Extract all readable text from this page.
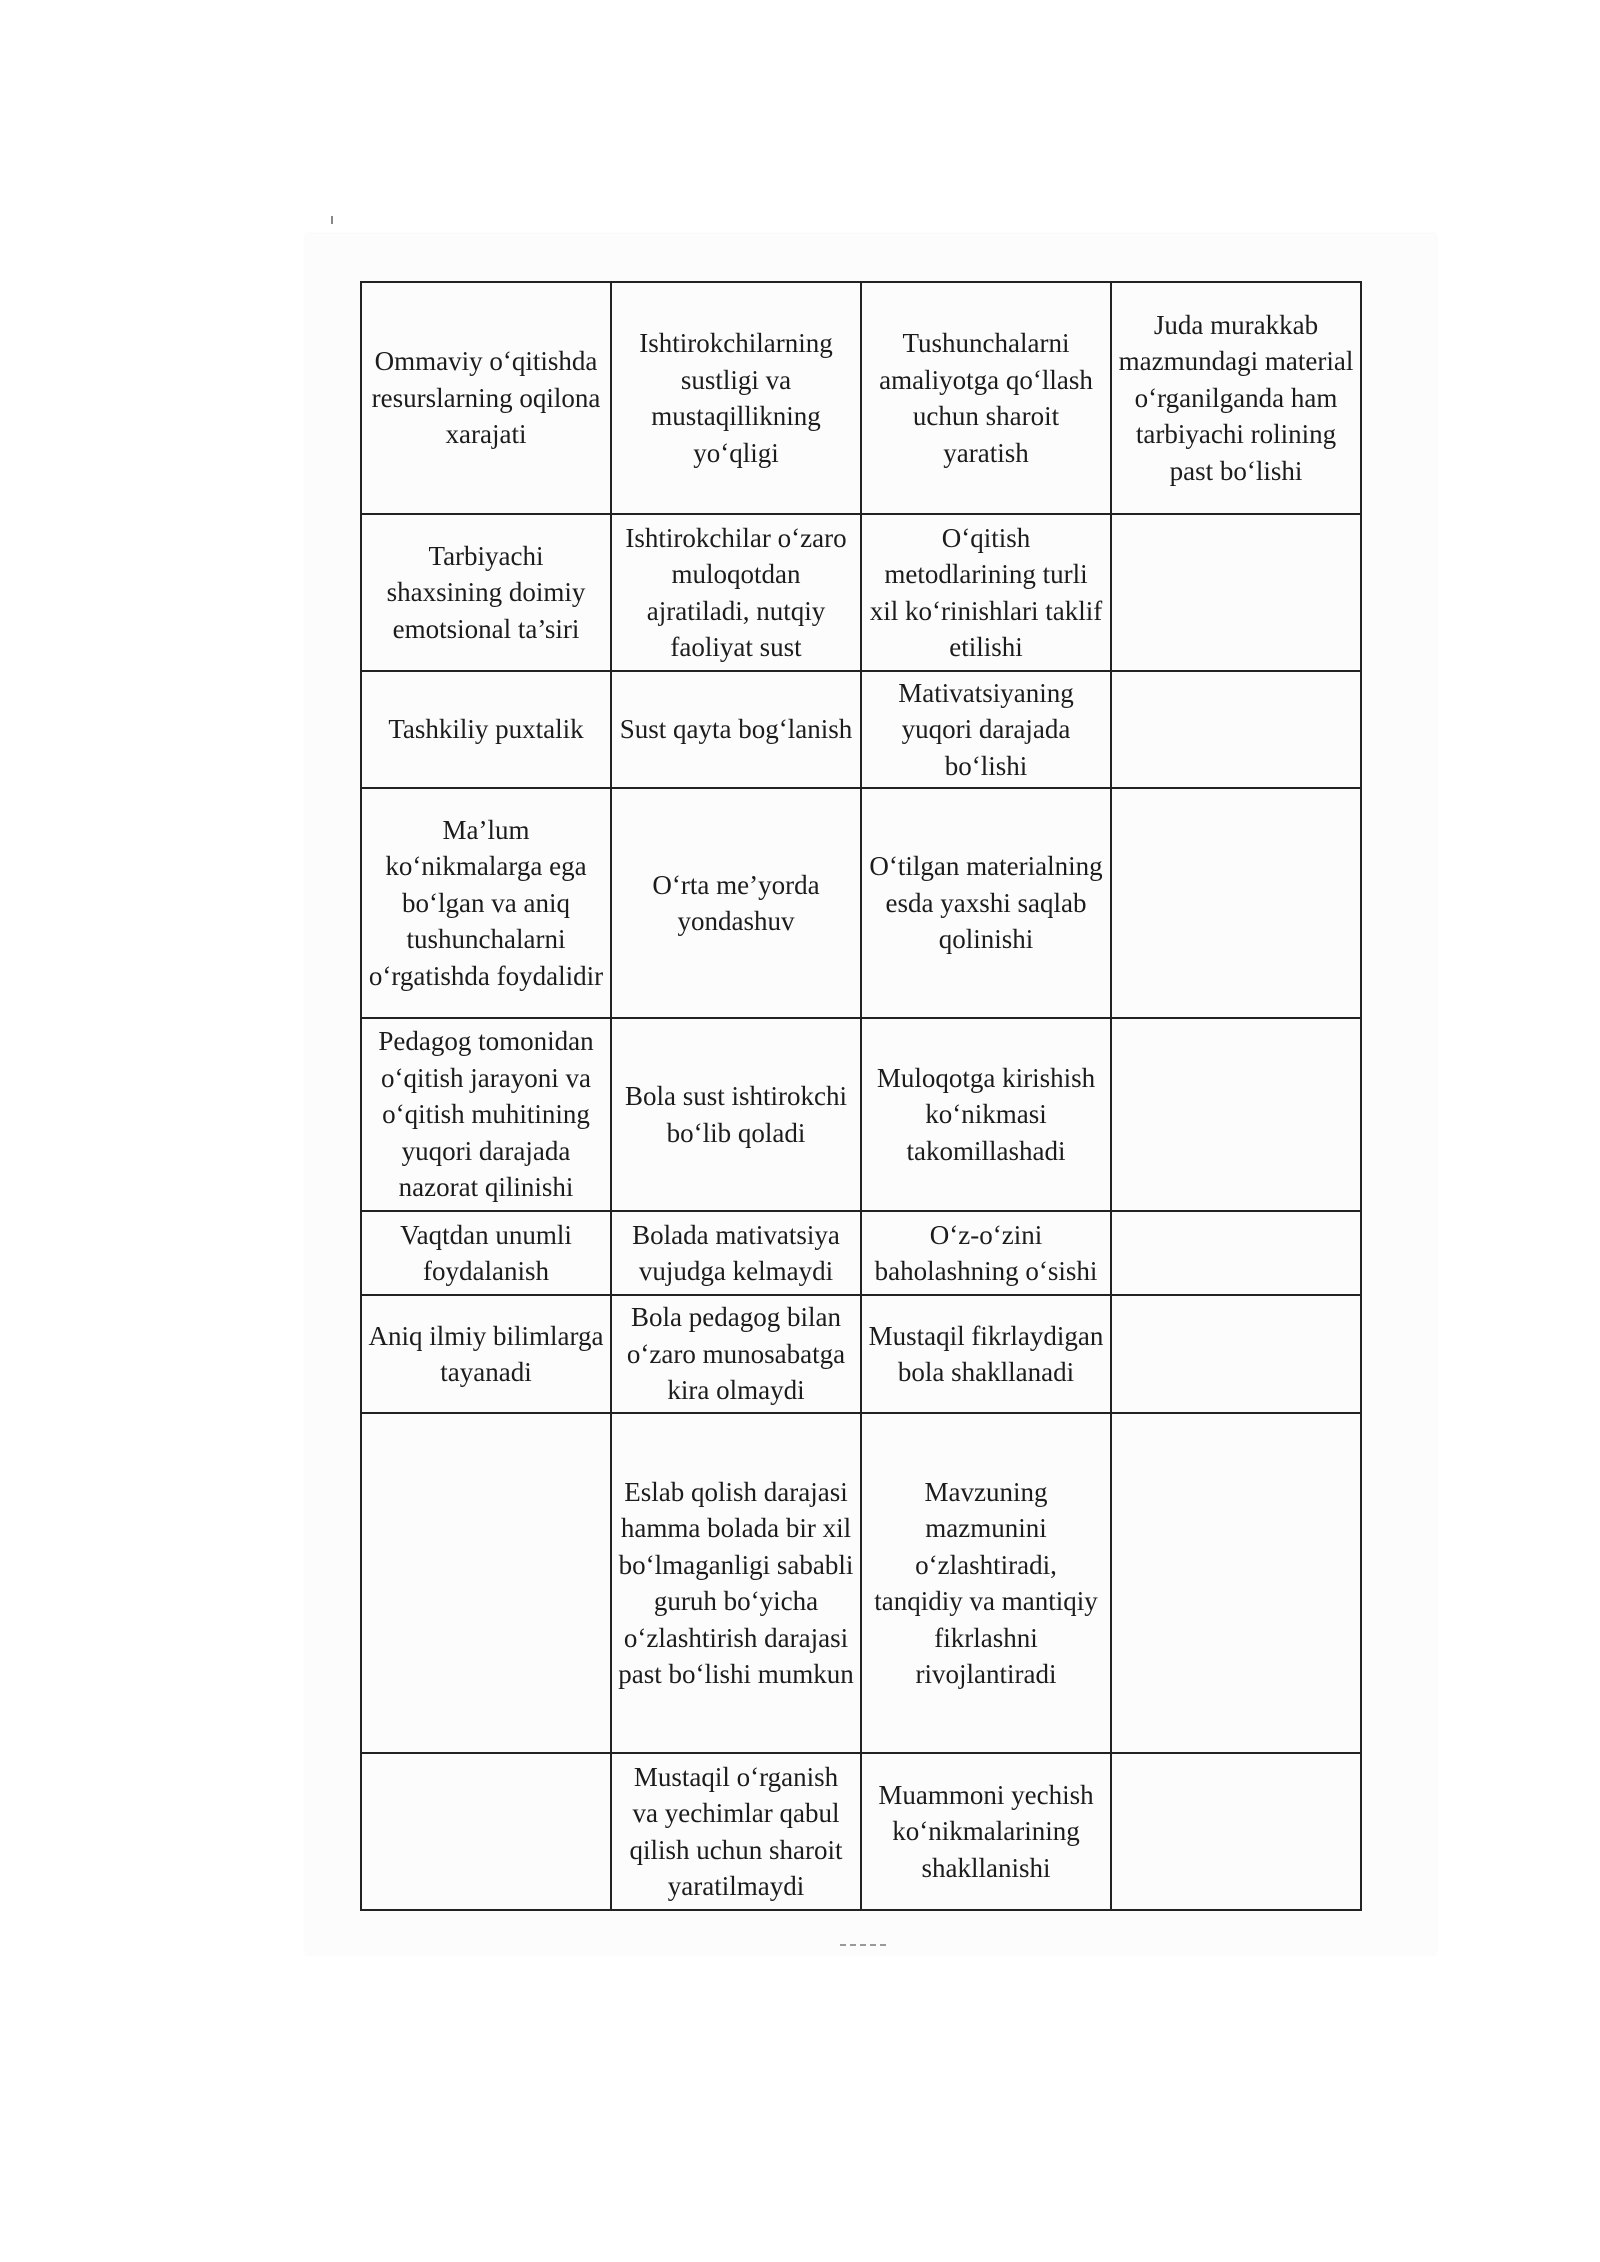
Ommaviy o‘qitishda resurslarning oqilona xarajati	Ishtirokchilarning sustligi va mustaqillikning yo‘qligi	Tushunchalarni amaliyotga qo‘llash uchun sharoit yaratish	Juda murakkab mazmundagi material o‘rganilganda ham tarbiyachi rolining past bo‘lishi
Tarbiyachi shaxsining doimiy emotsional ta’siri	Ishtirokchilar o‘zaro muloqotdan ajratiladi, nutqiy faoliyat sust	O‘qitish metodlarining turli xil ko‘rinishlari taklif etilishi	
Tashkiliy puxtalik	Sust qayta bog‘lanish	Mativatsiyaning yuqori darajada bo‘lishi	
Ma’lum ko‘nikmalarga ega bo‘lgan va aniq tushunchalarni o‘rgatishda foydalidir	O‘rta me’yorda yondashuv	O‘tilgan materialning esda yaxshi saqlab qolinishi	
Pedagog tomonidan o‘qitish jarayoni va o‘qitish muhitining yuqori darajada nazorat qilinishi	Bola sust ishtirokchi bo‘lib qoladi	Muloqotga kirishish ko‘nikmasi takomillashadi	
Vaqtdan unumli foydalanish	Bolada mativatsiya vujudga kelmaydi	O‘z-o‘zini baholashning o‘sishi	
Aniq ilmiy bilimlarga tayanadi	Bola pedagog bilan o‘zaro munosabatga kira olmaydi	Mustaqil fikrlaydigan bola shakllanadi	
	Eslab qolish darajasi hamma bolada bir xil bo‘lmaganligi sababli guruh bo‘yicha o‘zlashtirish darajasi past bo‘lishi mumkun	Mavzuning mazmunini o‘zlashtiradi, tanqidiy va mantiqiy fikrlashni rivojlantiradi	
	Mustaqil o‘rganish va yechimlar qabul qilish uchun sharoit yaratilmaydi	Muammoni yechish ko‘nikmalarining shakllanishi	
